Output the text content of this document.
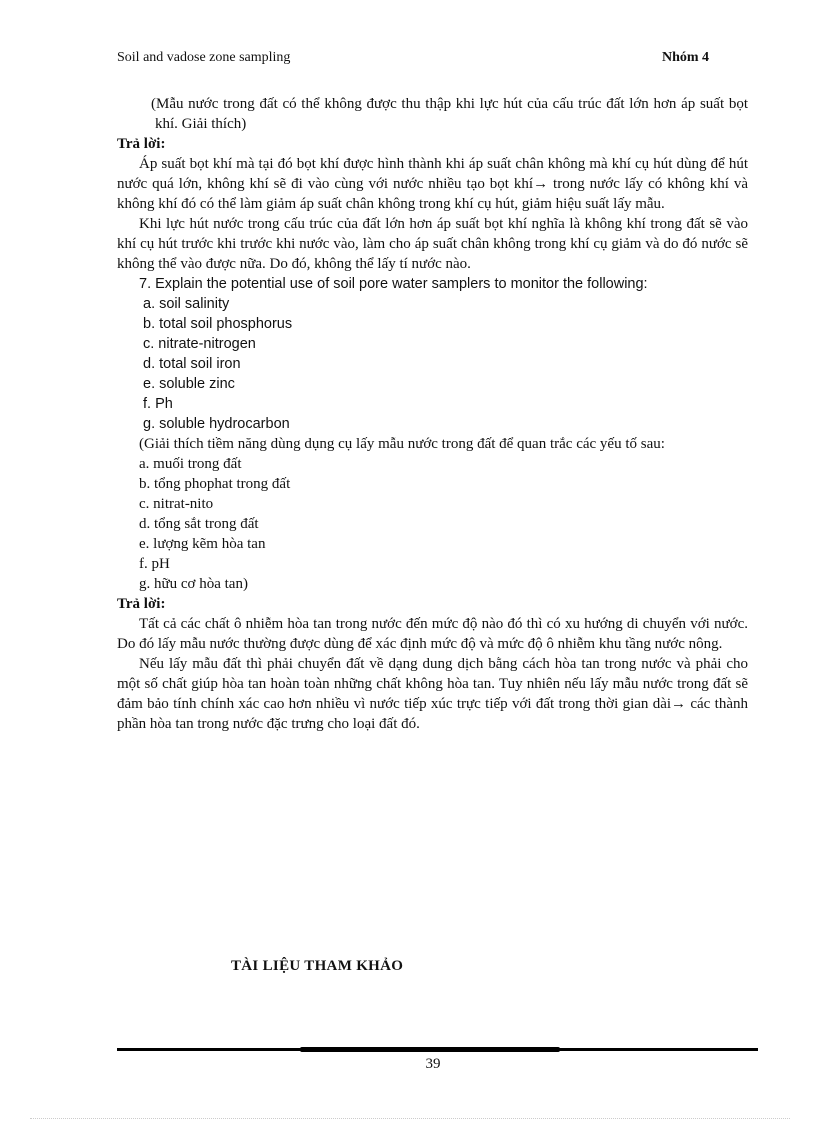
Soil and vadose zone sampling	Nhóm 4

(Mẫu nước trong đất có thể không được thu thập khi lực hút của cấu trúc đất lớn hơn áp suất bọt khí. Giải thích)

Trả lời:

Áp suất bọt khí mà tại đó bọt khí được hình thành khi áp suất chân không mà khí cụ hút dùng để hút nước quá lớn, không khí sẽ đi vào cùng với nước nhiều tạo bọt khí→ trong nước lấy có không khí và không khí đó có thể làm giảm áp suất chân không trong khí cụ hút, giảm hiệu suất lấy mẫu.

Khi lực hút nước trong cấu trúc của đất lớn hơn áp suất bọt khí nghĩa là không khí trong đất sẽ vào khí cụ hút trước khi trước khi nước vào, làm cho áp suất chân không trong khí cụ giảm và do đó nước sẽ không thể vào được nữa. Do đó, không thể lấy tí nước nào.

7. Explain the potential use of soil pore water samplers to monitor the following:

a. soil salinity

b. total soil phosphorus

c. nitrate-nitrogen

d. total soil iron

e. soluble zinc

f. Ph

g. soluble hydrocarbon

(Giải thích tiềm năng dùng dụng cụ lấy mẫu nước trong đất để quan trắc các yếu tố sau:

a. muối trong đất

b. tổng phophat trong đất

c. nitrat-nito

d. tổng sắt trong đất

e. lượng kẽm hòa tan

f. pH

g. hữu cơ hòa tan)

Trả lời:

Tất cả các chất ô nhiễm hòa tan trong nước đến mức độ nào đó thì có xu hướng di chuyển với nước. Do đó lấy mẫu nước thường được dùng để xác định mức độ và mức độ ô nhiễm khu tầng nước nông.

Nếu lấy mẫu đất thì phải chuyển đất về dạng dung dịch bằng cách hòa tan trong nước và phải cho một số chất giúp hòa tan hoàn toàn những chất không hòa tan. Tuy nhiên nếu lấy mẫu nước trong đất sẽ đảm bảo tính chính xác cao hơn nhiều vì nước tiếp xúc trực tiếp với đất trong thời gian dài→ các thành phần hòa tan trong nước đặc trưng cho loại đất đó.

TÀI LIỆU THAM KHẢO
39
